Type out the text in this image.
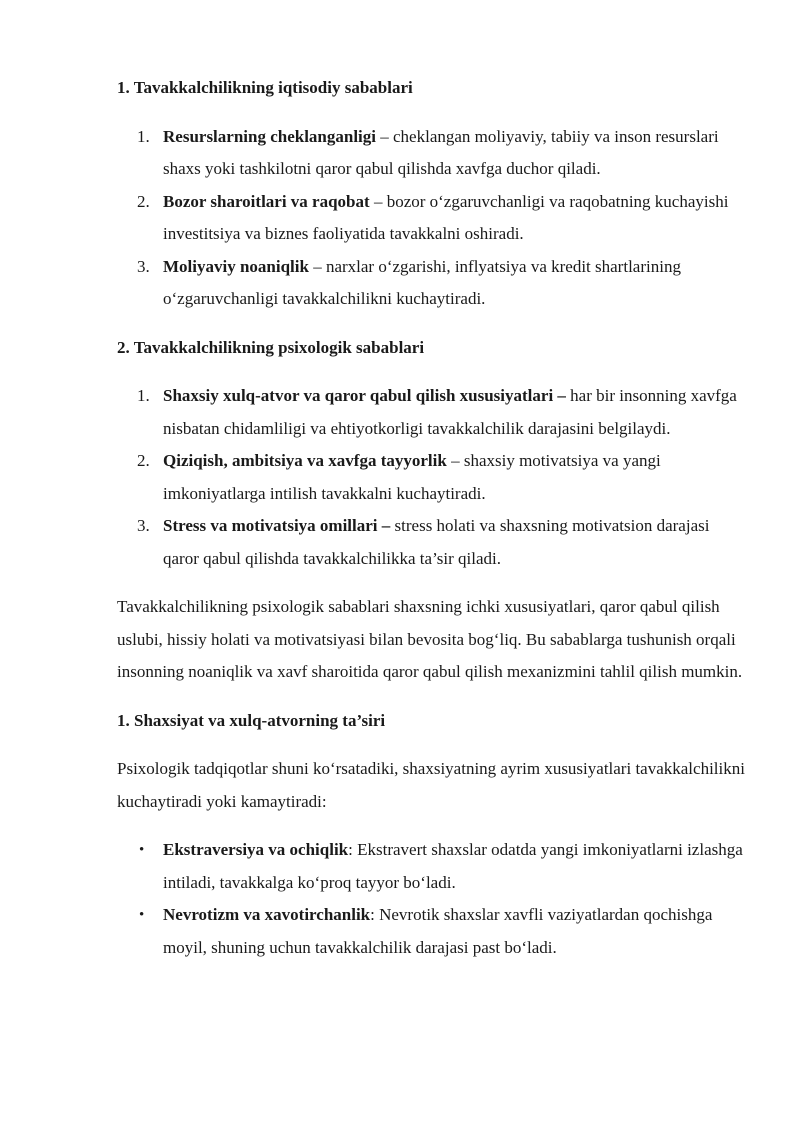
1. Tavakkalchilikning iqtisodiy sabablari
1. Resurslarning cheklanganligi – cheklangan moliyaviy, tabiiy va inson resurslari shaxs yoki tashkilotni qaror qabul qilishda xavfga duchor qiladi.
2. Bozor sharoitlari va raqobat – bozor o‘zgaruvchanligi va raqobatning kuchayishi investitsiya va biznes faoliyatida tavakkalni oshiradi.
3. Moliyaviy noaniqlik – narxlar o‘zgarishi, inflyatsiya va kredit shartlarining o‘zgaruvchanligi tavakkalchilikni kuchaytiradi.
2. Tavakkalchilikning psixologik sabablari
1. Shaxsiy xulq-atvor va qaror qabul qilish xususiyatlari – har bir insonning xavfga nisbatan chidamliligi va ehtiyotkorligi tavakkalchilik darajasini belgilaydi.
2. Qiziqish, ambitsiya va xavfga tayyorlik – shaxsiy motivatsiya va yangi imkoniyatlarga intilish tavakkalni kuchaytiradi.
3. Stress va motivatsiya omillari – stress holati va shaxsning motivatsion darajasi qaror qabul qilishda tavakkalchilikka ta’sir qiladi.

Tavakkalchilikning psixologik sabablari shaxsning ichki xususiyatlari, qaror qabul qilish uslubi, hissiy holati va motivatsiyasi bilan bevosita bog‘liq. Bu sabablarga tushunish orqali insonning noaniqlik va xavf sharoitida qaror qabul qilish mexanizmini tahlil qilish mumkin.

1. Shaxsiyat va xulq-atvorning ta’siri

Psixologik tadqiqotlar shuni ko‘rsatadiki, shaxsiyatning ayrim xususiyatlari tavakkalchilikni kuchaytiradi yoki kamaytiradi:

• Ekstraversiya va ochiqlik: Ekstravert shaxslar odatda yangi imkoniyatlarni izlashga intiladi, tavakkalga ko‘proq tayyor bo‘ladi.
• Nevrotizm va xavotirchanlik: Nevrotik shaxslar xavfli vaziyatlardan qochishga moyil, shuning uchun tavakkalchilik darajasi past bo‘ladi.
